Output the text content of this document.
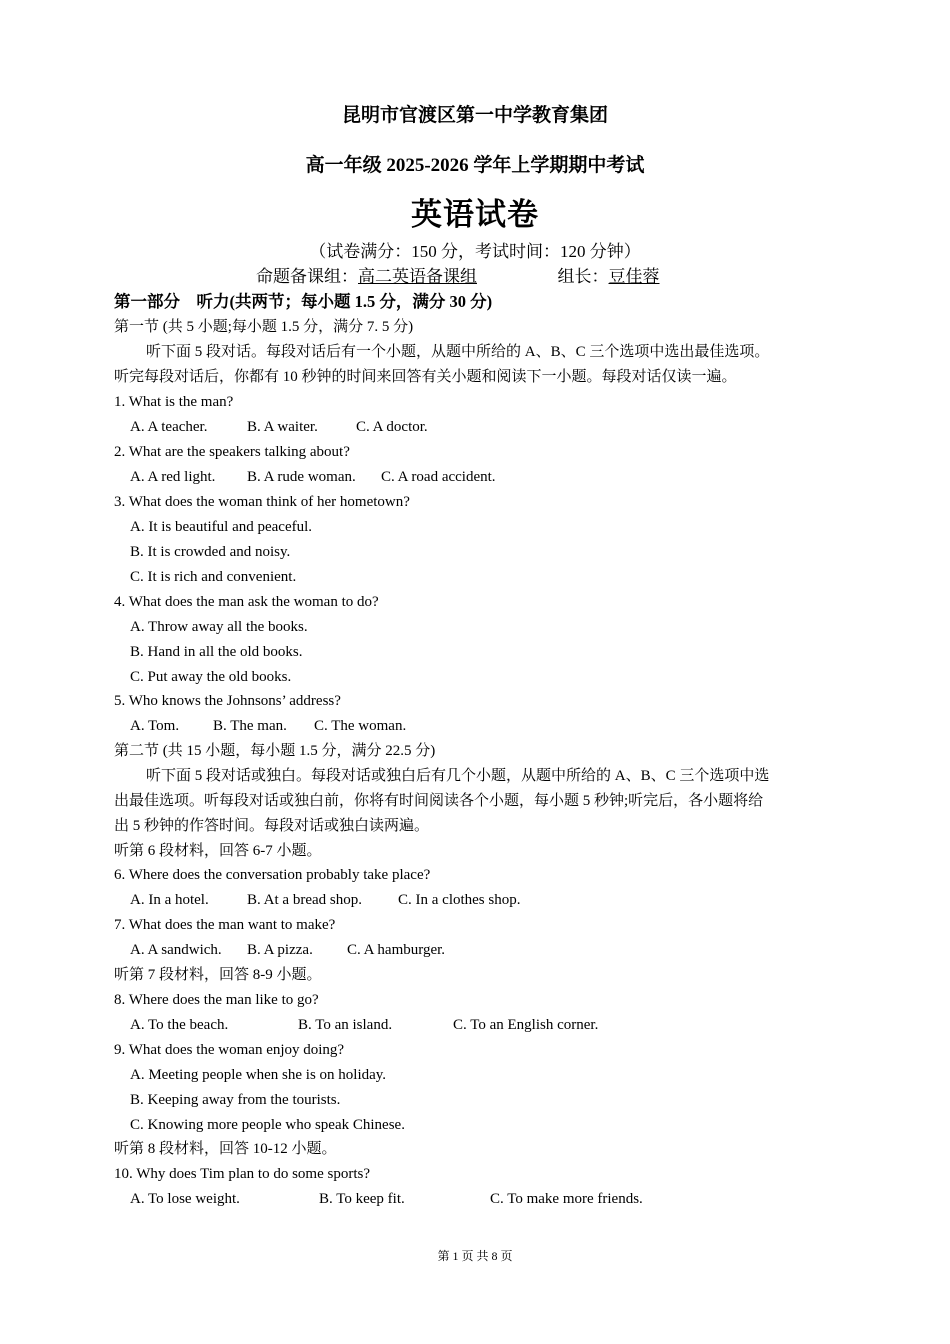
昆明市官渡区第一中学教育集团
高一年级 2025-2026 学年上学期期中考试
英语试卷
（试卷满分：150 分，考试时间：120 分钟）
命题备课组：高二英语备课组	组长：豆佳蓉
第一部分　听力(共两节；每小题 1.5 分，满分 30 分)
第一节 (共 5 小题;每小题 1.5 分，满分 7. 5 分)
听下面 5 段对话。每段对话后有一个小题，从题中所给的 A、B、C 三个选项中选出最佳选项。
听完每段对话后，你都有 10 秒钟的时间来回答有关小题和阅读下一小题。每段对话仅读一遍。
1. What is the man?
A. A teacher.	B. A waiter.	C. A doctor.
2. What are the speakers talking about?
A. A red light. B. A rude woman. C. A road accident.
3. What does the woman think of her hometown?
A. It is beautiful and peaceful.
B. It is crowded and noisy.
C. It is rich and convenient.
4. What does the man ask the woman to do?
A. Throw away all the books.
B. Hand in all the old books.
C. Put away the old books.
5. Who knows the Johnsons’ address?
A. Tom. B. The man. C. The woman.
第二节 (共 15 小题，每小题 1.5 分，满分 22.5 分)
听下面 5 段对话或独白。每段对话或独白后有几个小题，从题中所给的 A、B、C 三个选项中选
出最佳选项。听每段对话或独白前，你将有时间阅读各个小题，每小题 5 秒钟;听完后，各小题将给
出 5 秒钟的作答时间。每段对话或独白读两遍。
听第 6 段材料，回答 6-7 小题。
6. Where does the conversation probably take place?
A. In a hotel.	B. At a bread shop. C. In a clothes shop.
7. What does the man want to make?
A. A sandwich. B. A pizza. C. A hamburger.
听第 7 段材料，回答 8-9 小题。
8. Where does the man like to go?
A. To the beach.	B. To an island.	C. To an English corner.
9. What does the woman enjoy doing?
A. Meeting people when she is on holiday.
B. Keeping away from the tourists.
C. Knowing more people who speak Chinese.
听第 8 段材料，回答 10-12 小题。
10. Why does Tim plan to do some sports?
A. To lose weight.	B. To keep fit.	C. To make more friends.
第 1 页 共 8 页
